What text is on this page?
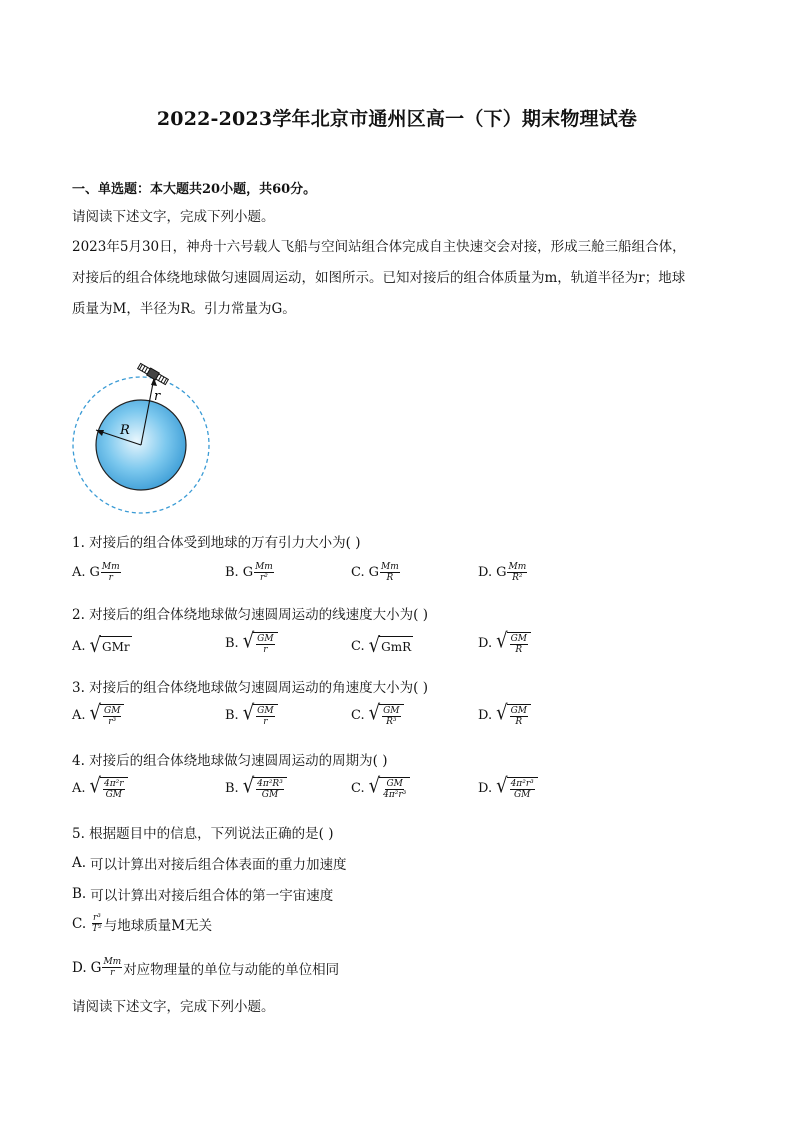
2022-2023学年北京市通州区高一（下）期末物理试卷
一、单选题：本大题共20小题，共60分。
请阅读下述文字，完成下列小题。
2023年5月30日，神舟十六号载人飞船与空间站组合体完成自主快速交会对接，形成三舱三船组合体，
对接后的组合体绕地球做匀速圆周运动，如图所示。已知对接后的组合体质量为m，轨道半径为r；地球
质量为M，半径为R。引力常量为G。
R
r
1. 对接后的组合体受到地球的万有引力大小为( )
A. G $\frac{Mm}{r}$	B. G $\frac{Mm}{\text{r²}}$	C. G $\frac{Mm}{R}$	D. G $\frac{Mm}{\text{R²}}$
2. 对接后的组合体绕地球做匀速圆周运动的线速度大小为( )
A. √ GMr	B. √ $\frac{GM}{r}$	C. √ GmR	D. √ $\frac{GM}{R}$
3. 对接后的组合体绕地球做匀速圆周运动的角速度大小为( )
A. √ $\frac{GM}{\text{r³}}$	B. √ $\frac{GM}{r}$	C. √ $\frac{GM}{\text{R³}}$	D. √ $\frac{GM}{R}$
4. 对接后的组合体绕地球做匀速圆周运动的周期为( )
A. √ $\frac{\text{4π²r}}{GM}$	B. √ $\frac{\text{4π²R³}}{GM}$	C. √ $\frac{GM}{\text{4π²r³}}$	D. √ $\frac{\text{4π²r³}}{GM}$
5. 根据题目中的信息，下列说法正确的是( )
A. 可以计算出对接后组合体表面的重力加速度
B. 可以计算出对接后组合体的第一宇宙速度
C. $\frac{\text{r³}}{\text{T²}}$ 与地球质量M无关
D. G $\frac{Mm}{r}$ 对应物理量的单位与动能的单位相同
请阅读下述文字，完成下列小题。
